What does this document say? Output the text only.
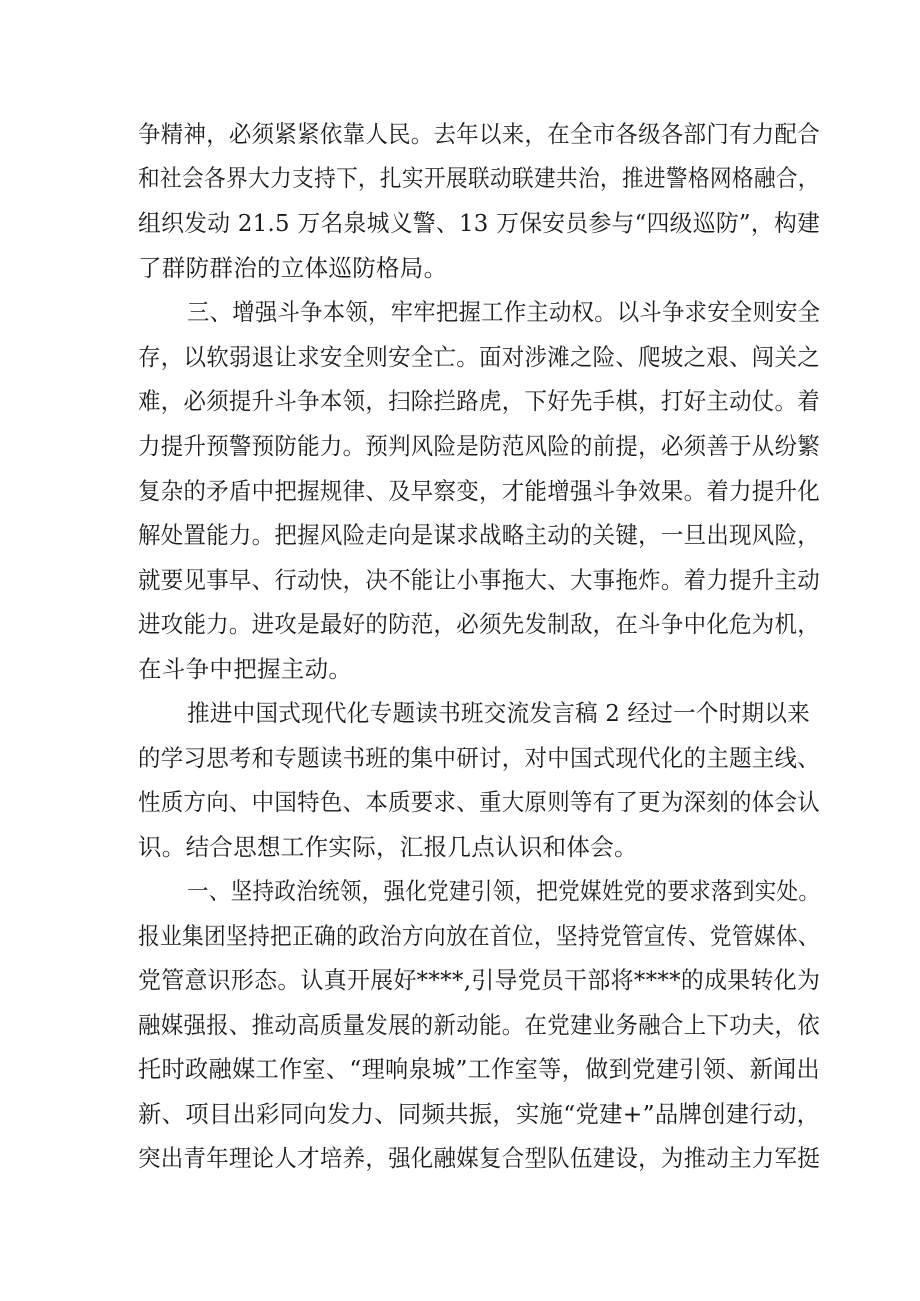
争精神，必须紧紧依靠人民。去年以来，在全市各级各部门有力配合
和社会各界大力支持下，扎实开展联动联建共治，推进警格网格融合，
组织发动 21.5 万名泉城义警、13 万保安员参与“四级巡防”，构建
了群防群治的立体巡防格局。
三、增强斗争本领，牢牢把握工作主动权。以斗争求安全则安全
存，以软弱退让求安全则安全亡。面对涉滩之险、爬坡之艰、闯关之
难，必须提升斗争本领，扫除拦路虎，下好先手棋，打好主动仗。着
力提升预警预防能力。预判风险是防范风险的前提，必须善于从纷繁
复杂的矛盾中把握规律、及早察变，才能增强斗争效果。着力提升化
解处置能力。把握风险走向是谋求战略主动的关键，一旦出现风险，
就要见事早、行动快，决不能让小事拖大、大事拖炸。着力提升主动
进攻能力。进攻是最好的防范，必须先发制敌，在斗争中化危为机，
在斗争中把握主动。
推进中国式现代化专题读书班交流发言稿 2 经过一个时期以来
的学习思考和专题读书班的集中研讨，对中国式现代化的主题主线、
性质方向、中国特色、本质要求、重大原则等有了更为深刻的体会认
识。结合思想工作实际，汇报几点认识和体会。
一、坚持政治统领，强化党建引领，把党媒姓党的要求落到实处。
报业集团坚持把正确的政治方向放在首位，坚持党管宣传、党管媒体、
党管意识形态。认真开展好****,引导党员干部将****的成果转化为
融媒强报、推动高质量发展的新动能。在党建业务融合上下功夫，依
托时政融媒工作室、“理响泉城”工作室等，做到党建引领、新闻出
新、项目出彩同向发力、同频共振，实施“党建+”品牌创建行动，
突出青年理论人才培养，强化融媒复合型队伍建设，为推动主力军挺
